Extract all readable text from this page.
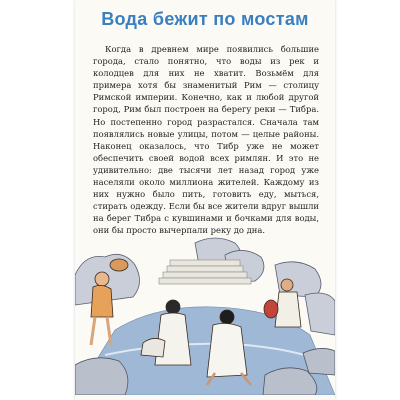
Вода бежит по мостам

Когда в древнем мире появились большие города, стало понятно, что воды из рек и колодцев для них не хватит. Возьмём для примера хотя бы знаменитый Рим — столицу Римской империи. Конечно, как и любой другой город, Рим был построен на берегу реки — Тибра. Но постепенно город разрастался. Сначала там появлялись новые улицы, потом — целые районы. Наконец оказалось, что Тибр уже не может обеспечить своей водой всех римлян. И это не удивительно: две тысячи лет назад город уже населяли около миллиона жителей. Каждому из них нужно было пить, готовить еду, мыться, стирать одежду. Если бы все жители вдруг вышли на берег Тибра с кувшинами и бочками для воды, они бы просто вычерпали реку до дна.
